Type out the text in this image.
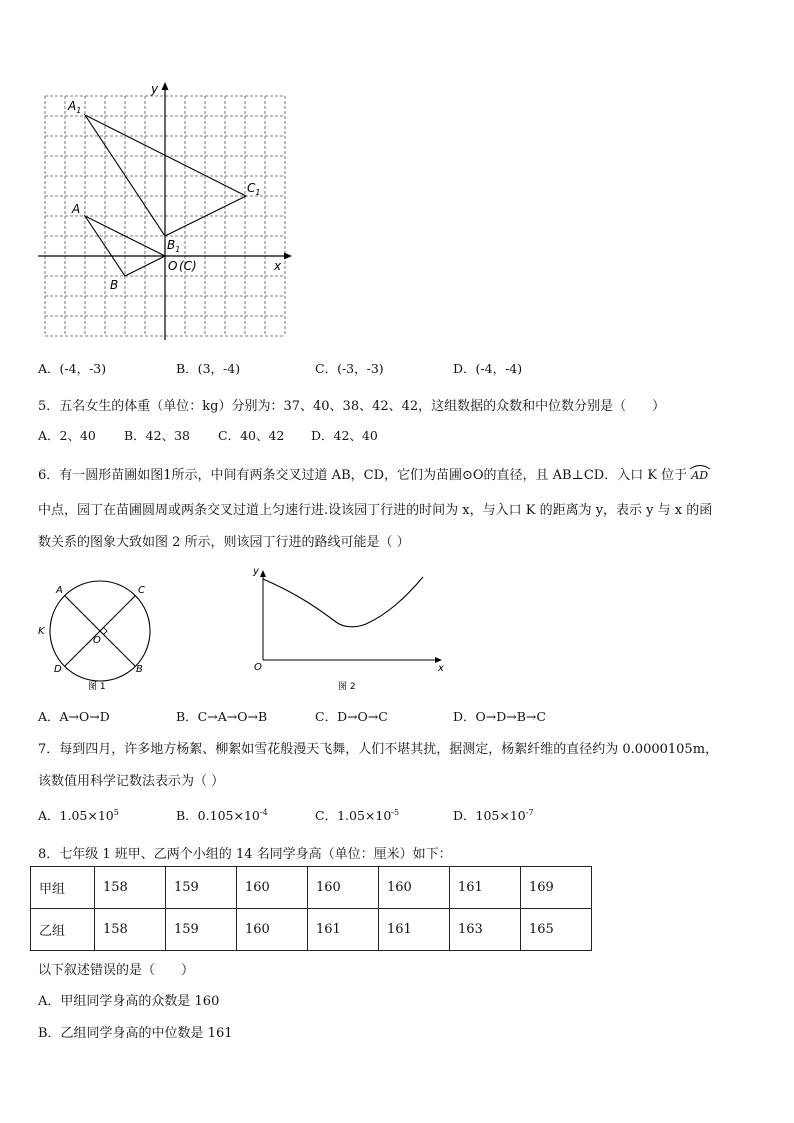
y
x
$A_1$
$C_1$
A
$B_1$
B
O (C)
A．(-4，-3)	B．(3，-4)	C．(-3，-3)	D．(-4，-4)
5．五名女生的体重（单位：kg）分别为：37、40、38、42、42，这组数据的众数和中位数分别是（　　）
A．2、40 B．42、38 C．40、42 D．42、40
6．有一圆形苗圃如图1所示，中间有两条交叉过道 AB，CD，它们为苗圃⊙O的直径，且 AB⊥CD．入口 K 位于 AD
中点，园丁在苗圃圆周或两条交叉过道上匀速行进.设该园丁行进的时间为 x，与入口 K 的距离为 y，表示 y 与 x 的函
数关系的图象大致如图 2 所示，则该园丁行进的路线可能是（ ）
A	C
K
O
D	B
图 1
y
O	x
图 2
A．A→O→D	B．C→A→O→B	C．D→O→C	D．O→D→B→C
7．每到四月，许多地方杨絮、柳絮如雪花般漫天飞舞，人们不堪其扰，据测定，杨絮纤维的直径约为 0.0000105m，
该数值用科学记数法表示为（ ）
A．$1.05\times 10^5$	B．$0.105\times 10^{-4}$	C．$1.05\times 10^{-5}$	D．$105\times 10^{-7}$
8．七年级 1 班甲、乙两个小组的 14 名同学身高（单位：厘米）如下：
甲组	158	159	160	160	160	161	169
乙组	158	159	160	161	161	163	165
以下叙述错误的是（　　）
A．甲组同学身高的众数是 160
B．乙组同学身高的中位数是 161
